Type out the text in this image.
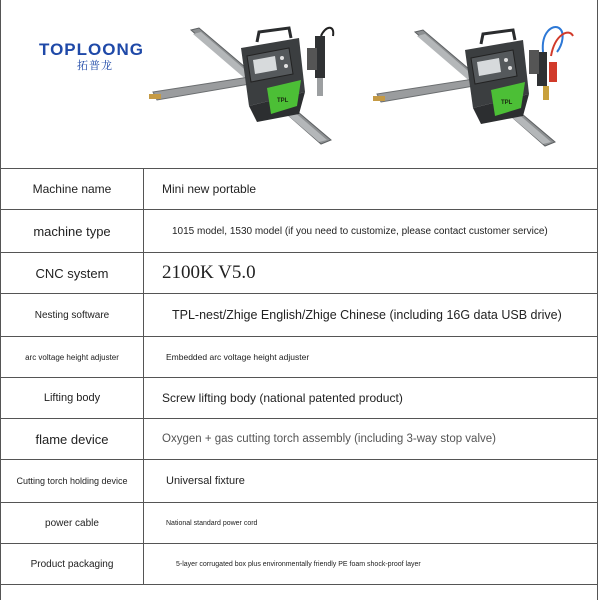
TOPLOONG
拓普龙
TPL	TPL
Machine name	Mini new portable
machine type	1015 model, 1530 model (if you need to customize, please contact customer service)
CNC system	2100K V5.0
Nesting software	TPL-nest/Zhige English/Zhige Chinese (including 16G data USB drive)
arc voltage height adjuster	Embedded arc voltage height adjuster
Lifting body	Screw lifting body (national patented product)
flame device	Oxygen + gas cutting torch assembly (including 3-way stop valve)
Cutting torch holding device	Universal fixture
power cable	National standard power cord
Product packaging	5-layer corrugated box plus environmentally friendly PE foam shock-proof layer
